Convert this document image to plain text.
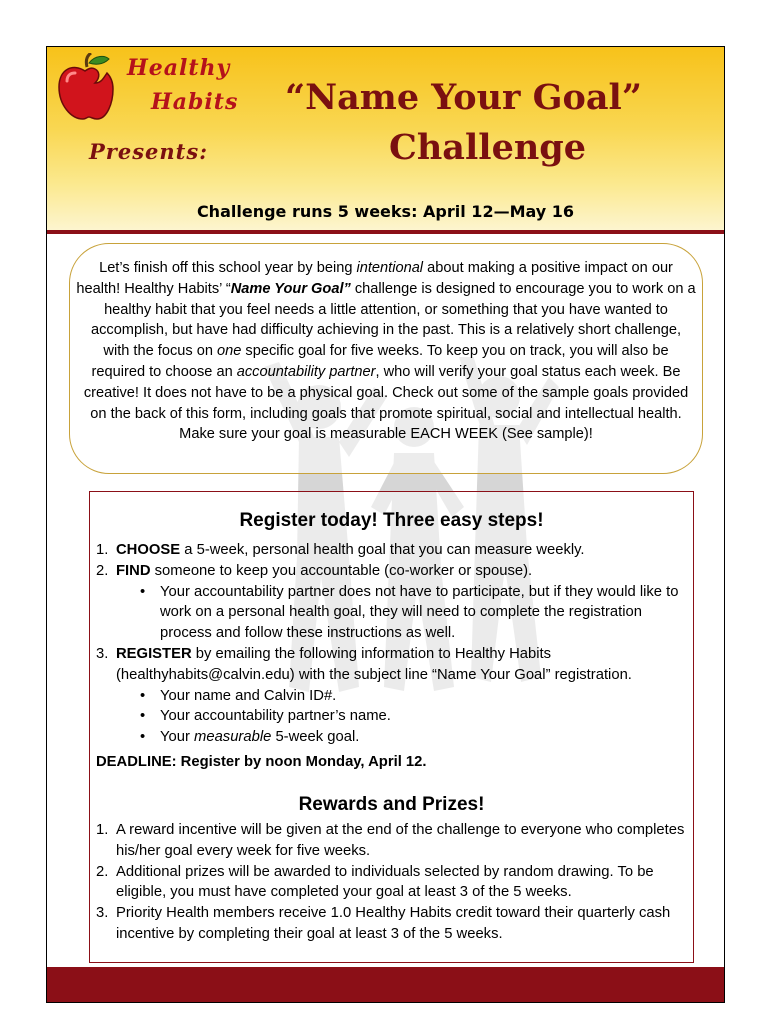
Healthy
Habits
Presents:
“Name Your Goal”
Challenge
Challenge runs 5 weeks: April 12—May 16
Let’s finish off this school year by being intentional about making a positive impact on our health! Healthy Habits’ “Name Your Goal” challenge is designed to encourage you to work on a healthy habit that you feel needs a little attention, or something that you have wanted to accomplish, but have had difficulty achieving in the past. This is a relatively short challenge, with the focus on one specific goal for five weeks. To keep you on track, you will also be required to choose an accountability partner, who will verify your goal status each week. Be creative! It does not have to be a physical goal. Check out some of the sample goals provided on the back of this form, including goals that promote spiritual, social and intellectual health. Make sure your goal is measurable EACH WEEK (See sample)!
Register today! Three easy steps!
1. CHOOSE a 5-week, personal health goal that you can measure weekly.
2. FIND someone to keep you accountable (co-worker or spouse).
• Your accountability partner does not have to participate, but if they would like to work on a personal health goal, they will need to complete the registration process and follow these instructions as well.
3. REGISTER by emailing the following information to Healthy Habits (healthyhabits@calvin.edu) with the subject line “Name Your Goal” registration.
• Your name and Calvin ID#.
• Your accountability partner’s name.
• Your measurable 5-week goal.
DEADLINE: Register by noon Monday, April 12.
Rewards and Prizes!
1. A reward incentive will be given at the end of the challenge to everyone who completes his/her goal every week for five weeks.
2. Additional prizes will be awarded to individuals selected by random drawing. To be eligible, you must have completed your goal at least 3 of the 5 weeks.
3. Priority Health members receive 1.0 Healthy Habits credit toward their quarterly cash incentive by completing their goal at least 3 of the 5 weeks.
